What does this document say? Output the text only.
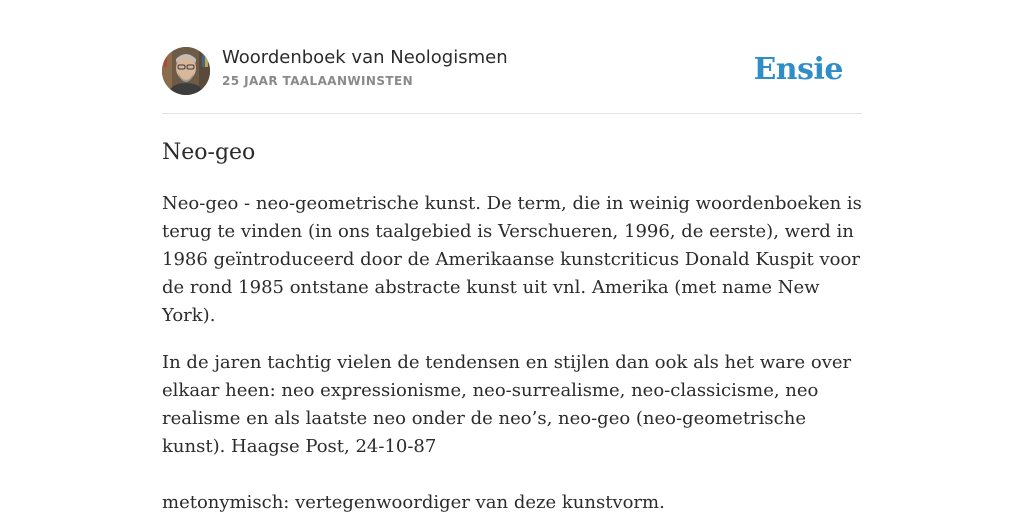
Woordenboek van Neologismen
25 JAAR TAALAANWINSTEN	Ensie
Neo-geo

Neo-geo - neo-geometrische kunst. De term, die in weinig woordenboeken is terug te vinden (in ons taalgebied is Verschueren, 1996, de eerste), werd in 1986 geïntroduceerd door de Amerikaanse kunstcriticus Donald Kuspit voor de rond 1985 ontstane abstracte kunst uit vnl. Amerika (met name New York).

In de jaren tachtig vielen de tendensen en stijlen dan ook als het ware over elkaar heen: neo expressionisme, neo-surrealisme, neo-classicisme, neo realisme en als laatste neo onder de neo’s, neo-geo (neo-geometrische kunst). Haagse Post, 24-10-87

metonymisch: vertegenwoordiger van deze kunstvorm.
